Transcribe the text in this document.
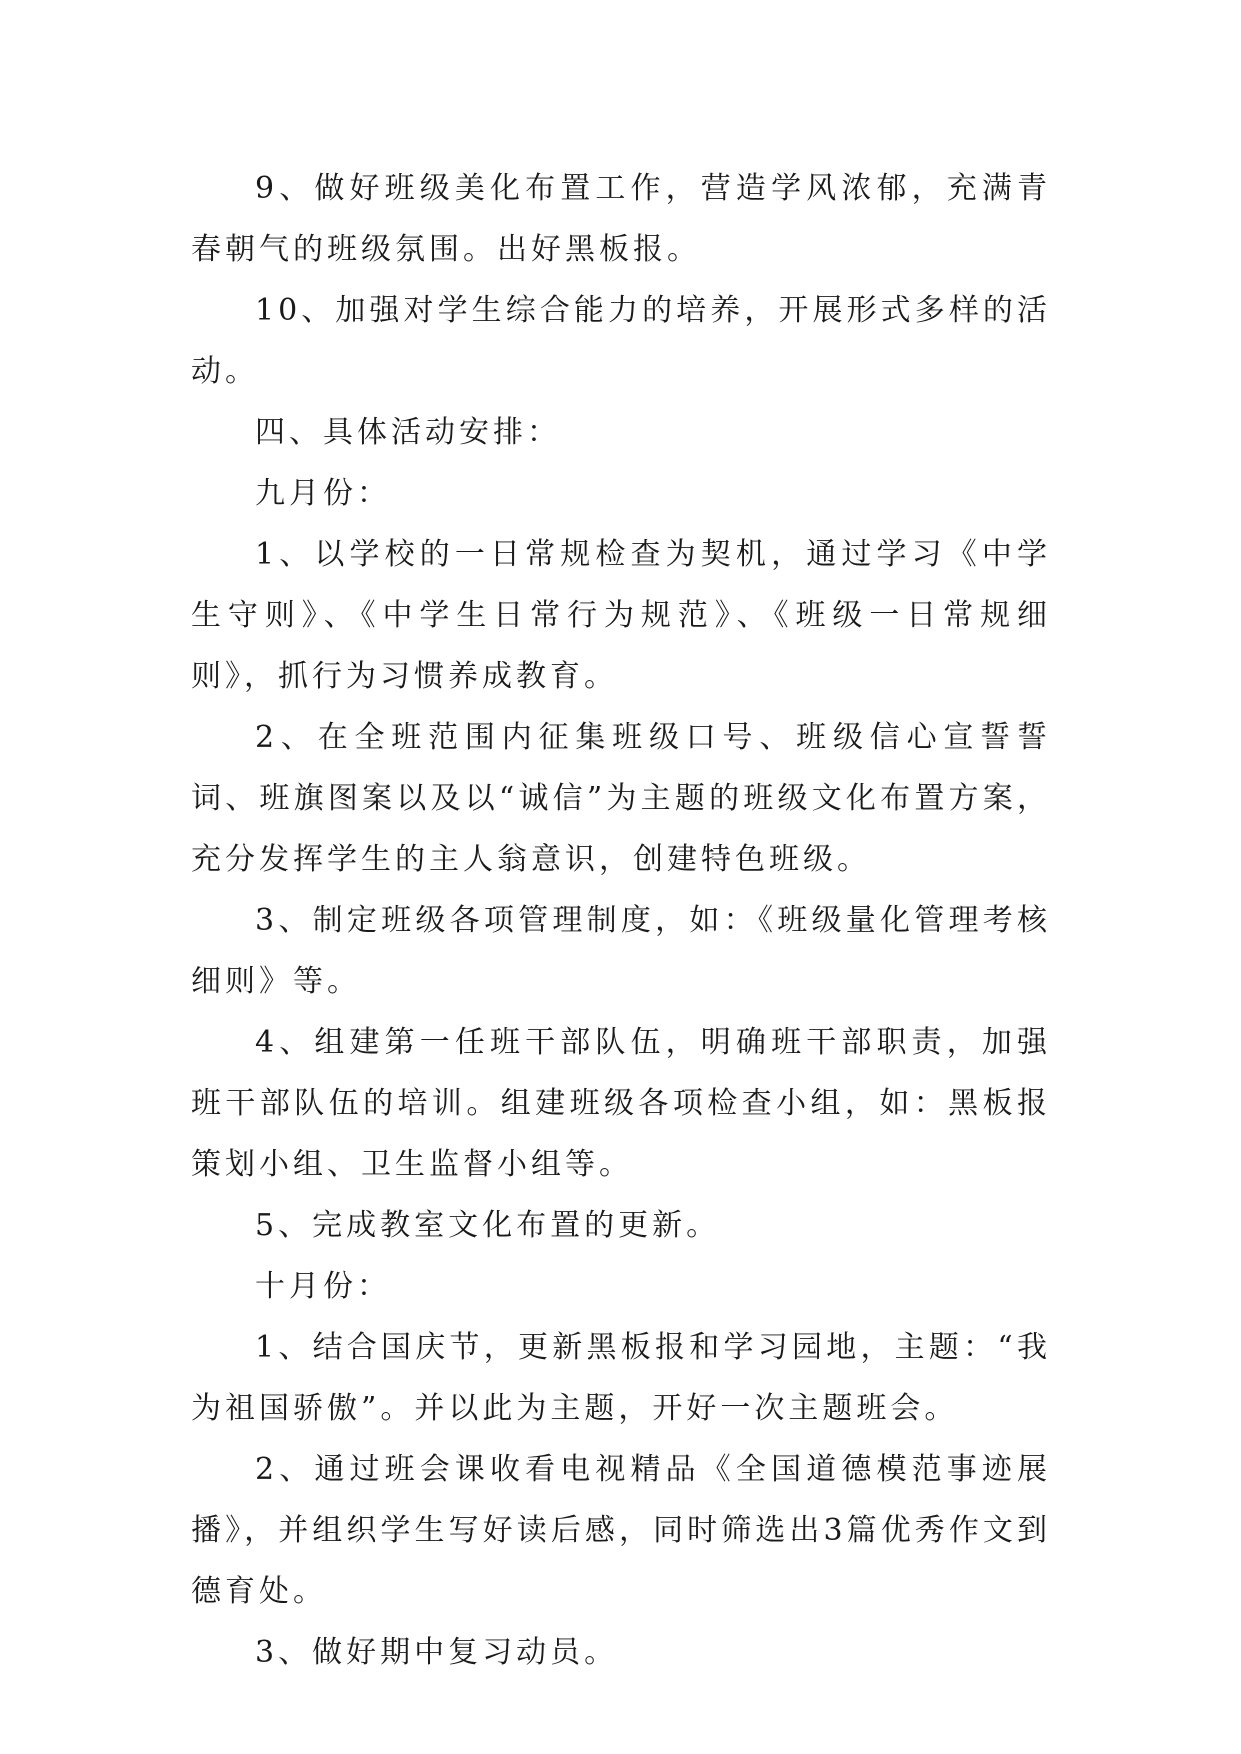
9、做好班级美化布置工作，营造学风浓郁，充满青春朝气的班级氛围。出好黑板报。

10、加强对学生综合能力的培养，开展形式多样的活动。

四、具体活动安排：

九月份：

1、以学校的一日常规检查为契机，通过学习《中学生守则》、《中学生日常行为规范》、《班级一日常规细则》，抓行为习惯养成教育。

2、在全班范围内征集班级口号、班级信心宣誓誓词、班旗图案以及以“诚信”为主题的班级文化布置方案，充分发挥学生的主人翁意识，创建特色班级。

3、制定班级各项管理制度，如：《班级量化管理考核细则》等。

4、组建第一任班干部队伍，明确班干部职责，加强班干部队伍的培训。组建班级各项检查小组，如：黑板报策划小组、卫生监督小组等。

5、完成教室文化布置的更新。

十月份：

1、结合国庆节，更新黑板报和学习园地，主题：“我为祖国骄傲”。并以此为主题，开好一次主题班会。

2、通过班会课收看电视精品《全国道德模范事迹展播》，并组织学生写好读后感，同时筛选出3篇优秀作文到德育处。

3、做好期中复习动员。
